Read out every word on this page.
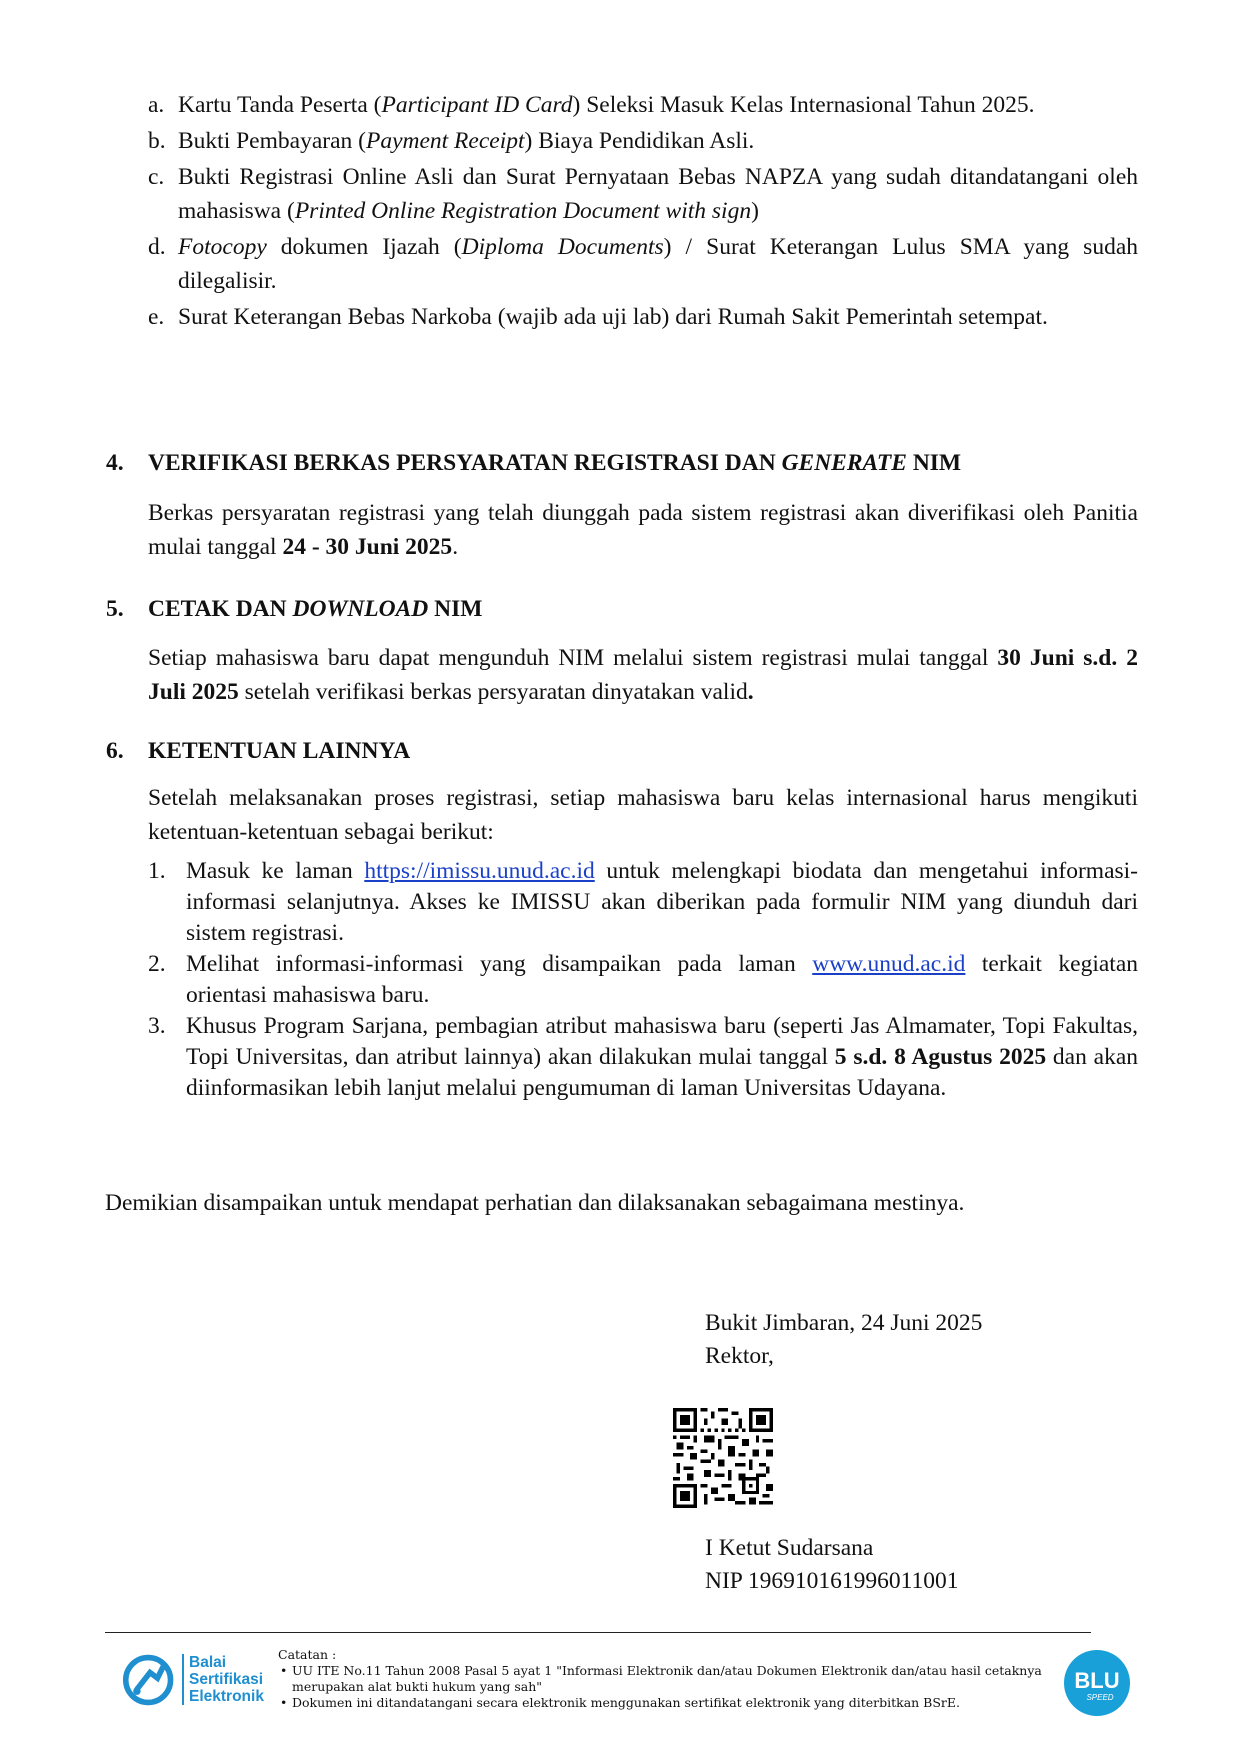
a. Kartu Tanda Peserta (Participant ID Card) Seleksi Masuk Kelas Internasional Tahun 2025.
b. Bukti Pembayaran (Payment Receipt) Biaya Pendidikan Asli.
c. Bukti Registrasi Online Asli dan Surat Pernyataan Bebas NAPZA yang sudah ditandatangani oleh mahasiswa (Printed Online Registration Document with sign)
d. Fotocopy dokumen Ijazah (Diploma Documents) / Surat Keterangan Lulus SMA yang sudah dilegalisir.
e. Surat Keterangan Bebas Narkoba (wajib ada uji lab) dari Rumah Sakit Pemerintah setempat.
4. VERIFIKASI BERKAS PERSYARATAN REGISTRASI DAN GENERATE NIM
Berkas persyaratan registrasi yang telah diunggah pada sistem registrasi akan diverifikasi oleh Panitia mulai tanggal 24 - 30 Juni 2025.
5. CETAK DAN DOWNLOAD NIM
Setiap mahasiswa baru dapat mengunduh NIM melalui sistem registrasi mulai tanggal 30 Juni s.d. 2 Juli 2025 setelah verifikasi berkas persyaratan dinyatakan valid.
6. KETENTUAN LAINNYA
Setelah melaksanakan proses registrasi, setiap mahasiswa baru kelas internasional harus mengikuti ketentuan-ketentuan sebagai berikut:
1. Masuk ke laman https://imissu.unud.ac.id untuk melengkapi biodata dan mengetahui informasi-informasi selanjutnya. Akses ke IMISSU akan diberikan pada formulir NIM yang diunduh dari sistem registrasi.
2. Melihat informasi-informasi yang disampaikan pada laman www.unud.ac.id terkait kegiatan orientasi mahasiswa baru.
3. Khusus Program Sarjana, pembagian atribut mahasiswa baru (seperti Jas Almamater, Topi Fakultas, Topi Universitas, dan atribut lainnya) akan dilakukan mulai tanggal 5 s.d. 8 Agustus 2025 dan akan diinformasikan lebih lanjut melalui pengumuman di laman Universitas Udayana.
Demikian disampaikan untuk mendapat perhatian dan dilaksanakan sebagaimana mestinya.
Bukit Jimbaran, 24 Juni 2025
Rektor,
I Ketut Sudarsana
NIP 196910161996011001
Balai
Sertifikasi
Elektronik
Catatan :
• UU ITE No.11 Tahun 2008 Pasal 5 ayat 1 "Informasi Elektronik dan/atau Dokumen Elektronik dan/atau hasil cetaknya merupakan alat bukti hukum yang sah"
• Dokumen ini ditandatangani secara elektronik menggunakan sertifikat elektronik yang diterbitkan BSrE.
BLU
SPEED
